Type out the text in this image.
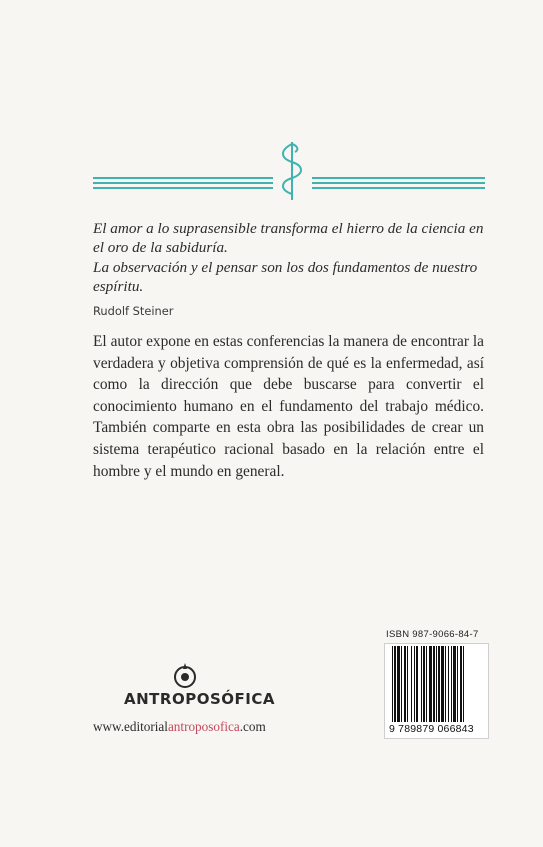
El amor a lo suprasensible transforma el hierro de la ciencia en el oro de la sabiduría.

La observación y el pensar son los dos fundamentos de nuestro espíritu.

Rudolf Steiner
El autor expone en estas conferencias la manera de encontrar la verdadera y objetiva comprensión de qué es la enfermedad, así como la dirección que debe buscarse para convertir el conocimiento humano en el fundamento del trabajo médico. También comparte en esta obra las posibilidades de crear un sistema terapéutico racional basado en la relación entre el hombre y el mundo en general.
ANTROPOSÓFICA
www.editorialantroposofica.com
ISBN 987-9066-84-7
9 789879 066843
